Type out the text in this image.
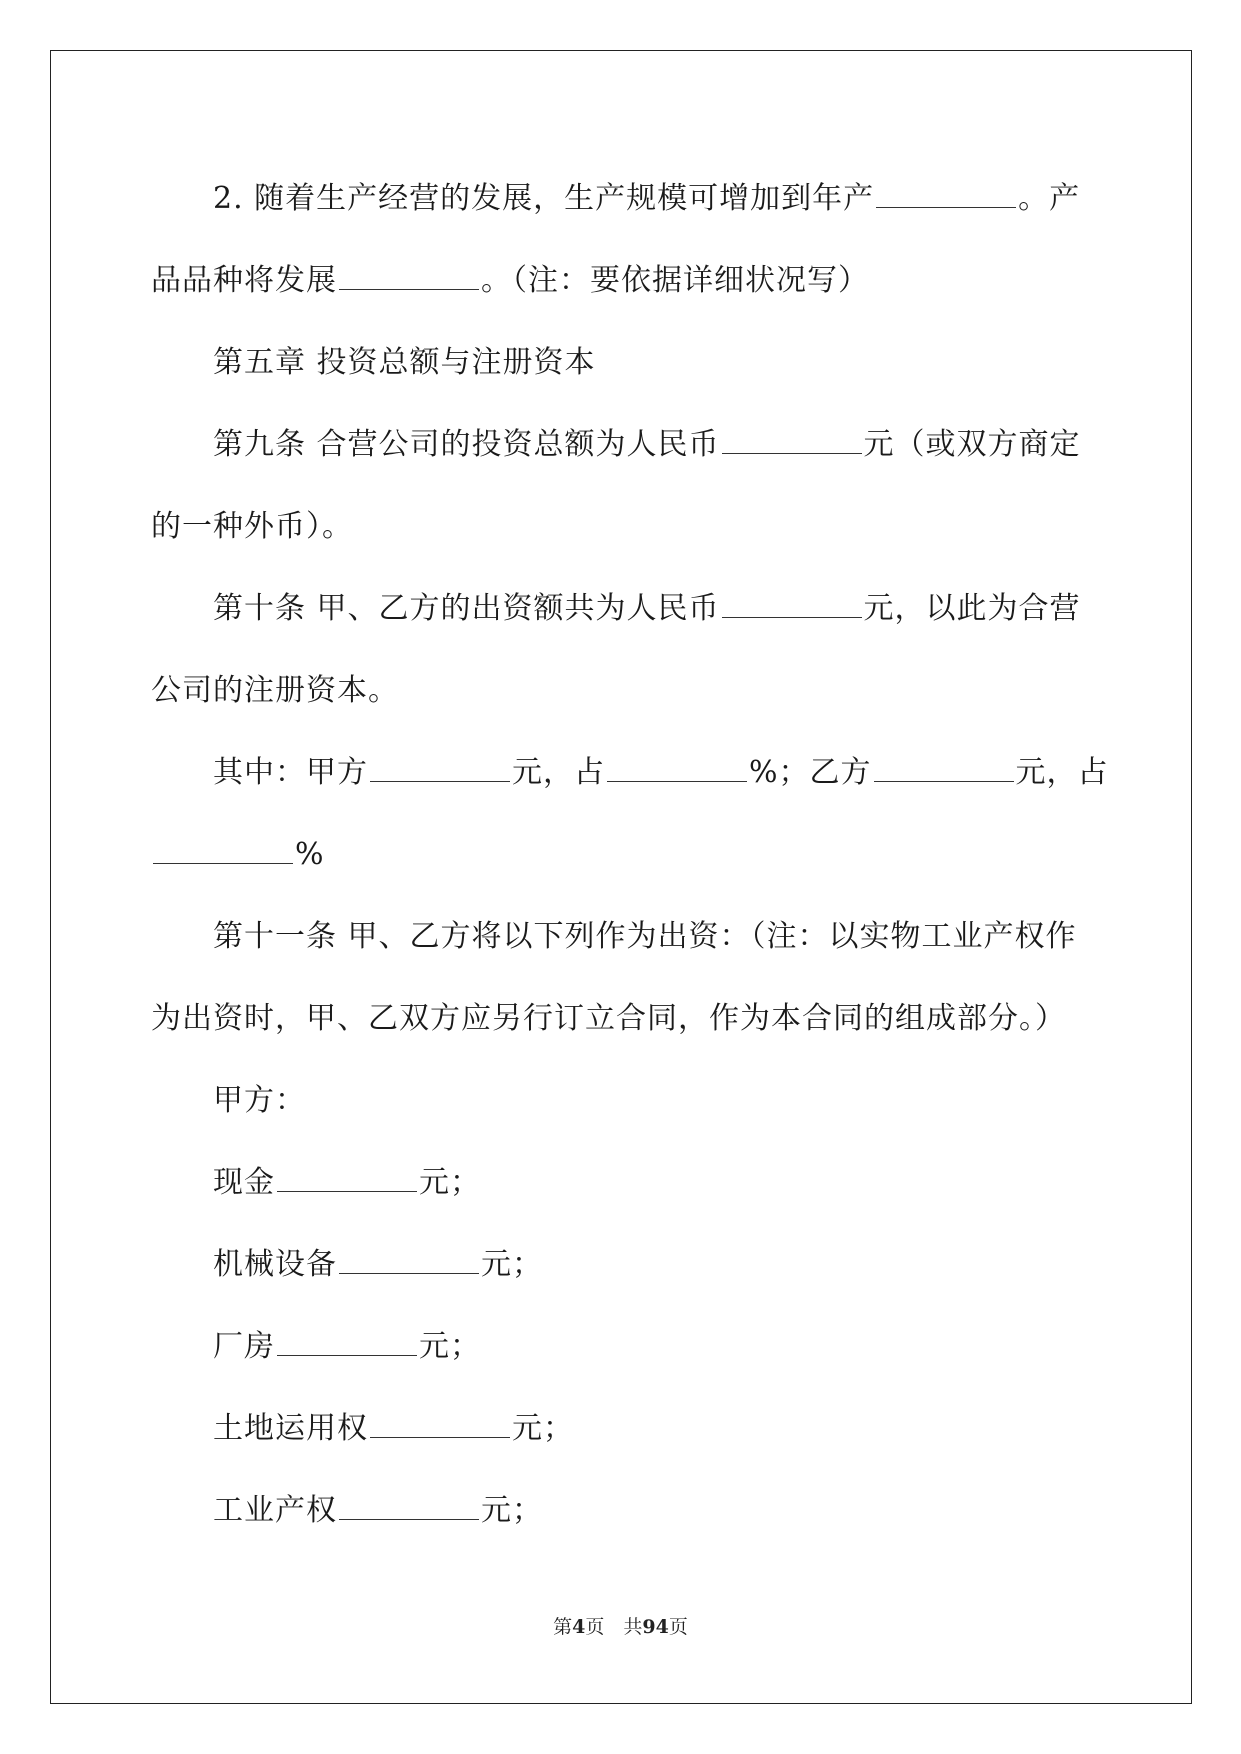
2. 随着生产经营的发展，生产规模可增加到年产	。产
品品种将发展	。（注：要依据详细状况写）
第五章 投资总额与注册资本
第九条 合营公司的投资总额为人民币	元（或双方商定
的一种外币）。
第十条 甲、乙方的出资额共为人民币	元，以此为合营
公司的注册资本。
其中：甲方	元，占	%；乙方	元，占
%
第十一条 甲、乙方将以下列作为出资：（注：以实物工业产权作
为出资时，甲、乙双方应另行订立合同，作为本合同的组成部分。）
甲方：
现金	元；
机械设备	元；
厂房	元；
土地运用权	元；
工业产权	元；
第4页　共94页
